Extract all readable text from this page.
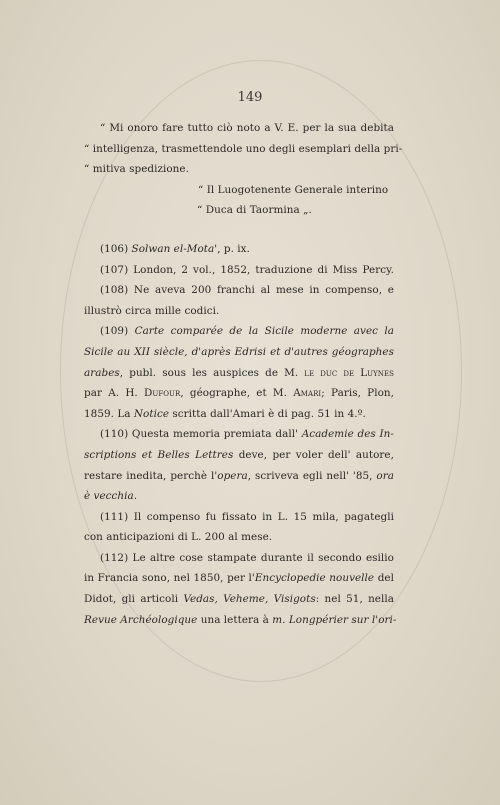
149
“ Mi onoro fare tutto ciò noto a V. E. per la sua debita
“ intelligenza, trasmettendole uno degli esemplari della pri-
“ mitiva spedizione.
“ Il Luogotenente Generale interino
“ Duca di Taormina „.
(106) Solwan el-Mota', p. ix.
(107) London, 2 vol., 1852, traduzione di Miss Percy.
(108) Ne aveva 200 franchi al mese in compenso, e
illustrò circa mille codici.
(109) Carte comparée de la Sicile moderne avec la
Sicile au XII siècle, d'après Edrisi et d'autres géographes
arabes, publ. sous les auspices de M. le duc de Luynes
par A. H. Dufour, géographe, et M. Amari; Paris, Plon,
1859. La Notice scritta dall'Amari è di pag. 51 in 4.º.
(110) Questa memoria premiata dall' Academie des In-
scriptions et Belles Lettres deve, per voler dell' autore,
restare inedita, perchè l'opera, scriveva egli nell' '85, ora
è vecchia.
(111) Il compenso fu fissato in L. 15 mila, pagategli
con anticipazioni di L. 200 al mese.
(112) Le altre cose stampate durante il secondo esilio
in Francia sono, nel 1850, per l'Encyclopedie nouvelle del
Didot, gli articoli Vedas, Veheme, Visigots: nel 51, nella
Revue Archéologique una lettera à m. Longpérier sur l'ori-
